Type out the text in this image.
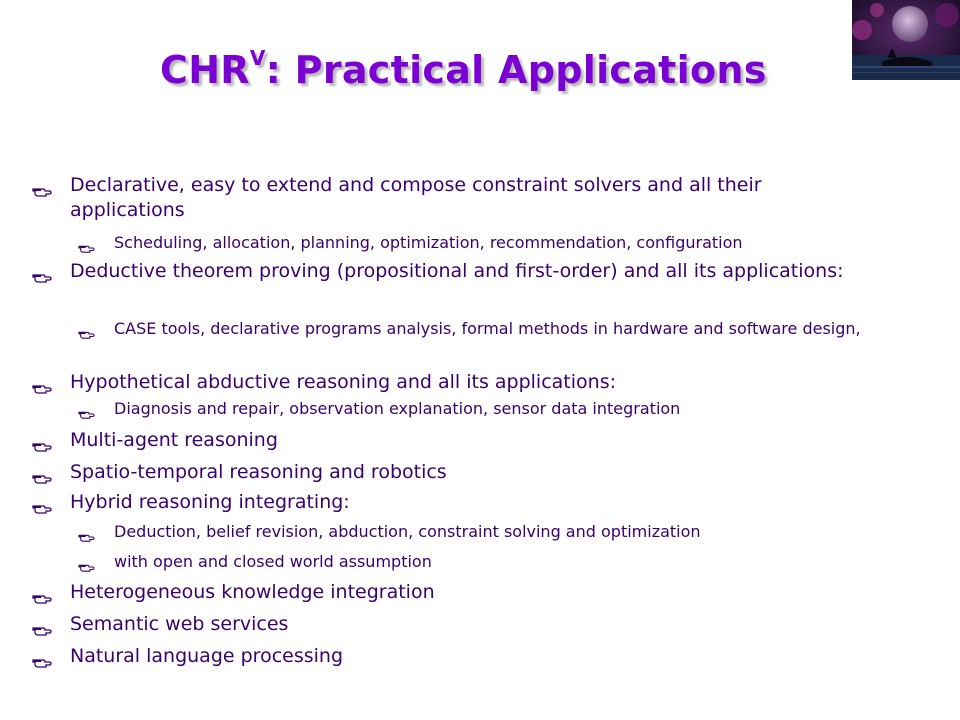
$CHR^V$: Practical Applications
Declarative, easy to extend and compose constraint solvers and all their applications
Scheduling, allocation, planning, optimization, recommendation, configuration
Deductive theorem proving (propositional and first-order) and all its applications:
CASE tools, declarative programs analysis, formal methods in hardware and software design,
Hypothetical abductive reasoning and all its applications:
Diagnosis and repair, observation explanation, sensor data integration
Multi-agent reasoning
Spatio-temporal reasoning and robotics
Hybrid reasoning integrating:
Deduction, belief revision, abduction, constraint solving and optimization
with open and closed world assumption
Heterogeneous knowledge integration
Semantic web services
Natural language processing
